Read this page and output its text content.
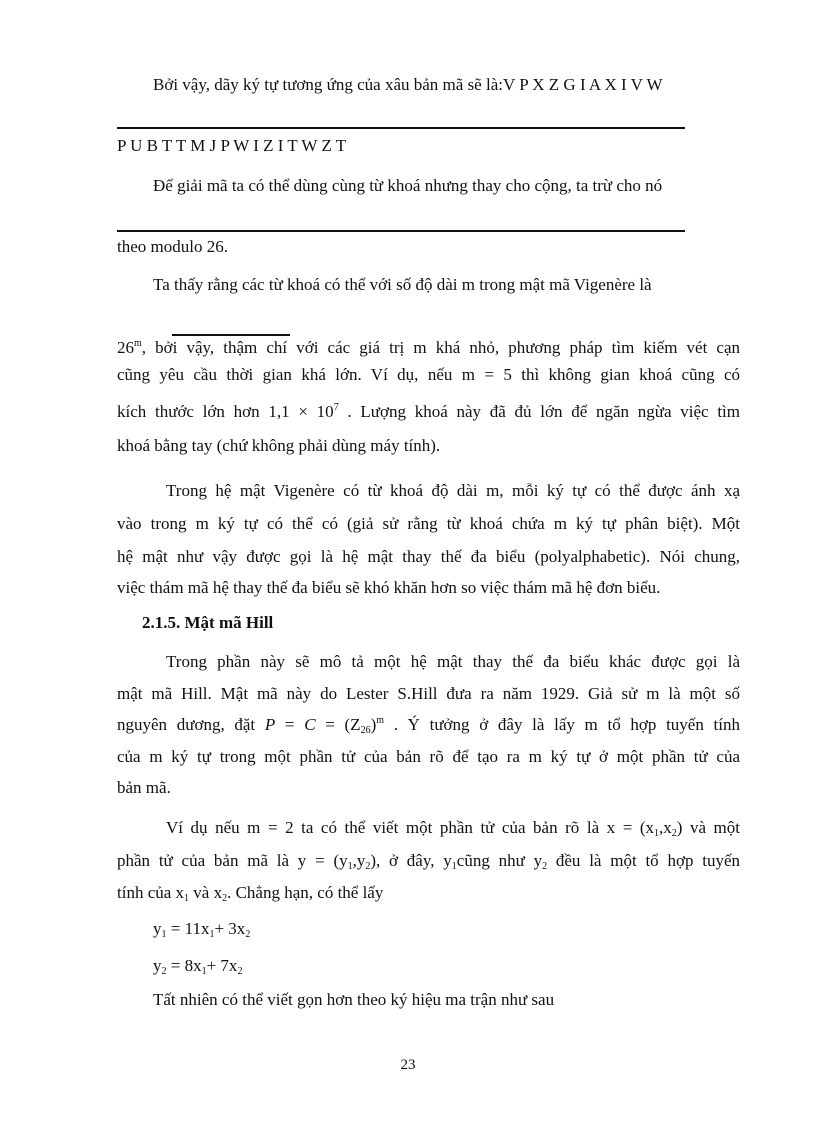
Bởi vậy, dãy ký tự tương ứng của xâu bản mã sẽ là:V P X Z G I A X I V W
P U B T T M J P W I Z I T W Z T
Để giải mã ta có thể dùng cùng từ khoá nhưng thay cho cộng, ta trừ cho nó
theo modulo 26.
Ta thấy rằng các từ khoá có thể với số độ dài m trong mật mã Vigenère là
26$^m$, bởi vậy, thậm chí với các giá trị m khá nhỏ, phương pháp tìm kiếm vét cạn
cũng yêu cầu thời gian khá lớn. Ví dụ, nếu m = 5 thì không gian khoá cũng có
kích thước lớn hơn $1,1 \times 10^7$ . Lượng khoá này đã đủ lớn để ngăn ngừa việc tìm
khoá bằng tay (chứ không phải dùng máy tính).
Trong hệ mật Vigenère có từ khoá độ dài m, mỗi ký tự có thể được ánh xạ
vào trong m ký tự có thể có (giả sử rằng từ khoá chứa m ký tự phân biệt). Một
hệ mật như vậy được gọi là hệ mật thay thế đa biểu (polyalphabetic). Nói chung,
việc thám mã hệ thay thế đa biểu sẽ khó khăn hơn so việc thám mã hệ đơn biểu.
2.1.5. Mật mã Hill
Trong phần này sẽ mô tả một hệ mật thay thế đa biểu khác được gọi là
mật mã Hill. Mật mã này do Lester S.Hill đưa ra năm 1929. Giả sử m là một số
nguyên dương, đặt $P = C = (Z_{26})^m$ . Ý tưởng ở đây là lấy m tổ hợp tuyến tính
của m ký tự trong một phần tử của bản rõ để tạo ra m ký tự ở một phần tử của
bản mã.
Ví dụ nếu m = 2 ta có thể viết một phần tử của bản rõ là $x = (x_1,x_2)$ và một
phần tử của bản mã là $y = (y_1,y_2)$, ở đây, $y_1cũng$ như $y_2$ đều là một tổ hợp tuyến
tính của $x_1$ và $x_2$. Chẳng hạn, có thể lấy
$y_1 = 11x_1+ 3x_2$
$y_2 = 8x_1+ 7x_2$
Tất nhiên có thể viết gọn hơn theo ký hiệu ma trận như sau
23
